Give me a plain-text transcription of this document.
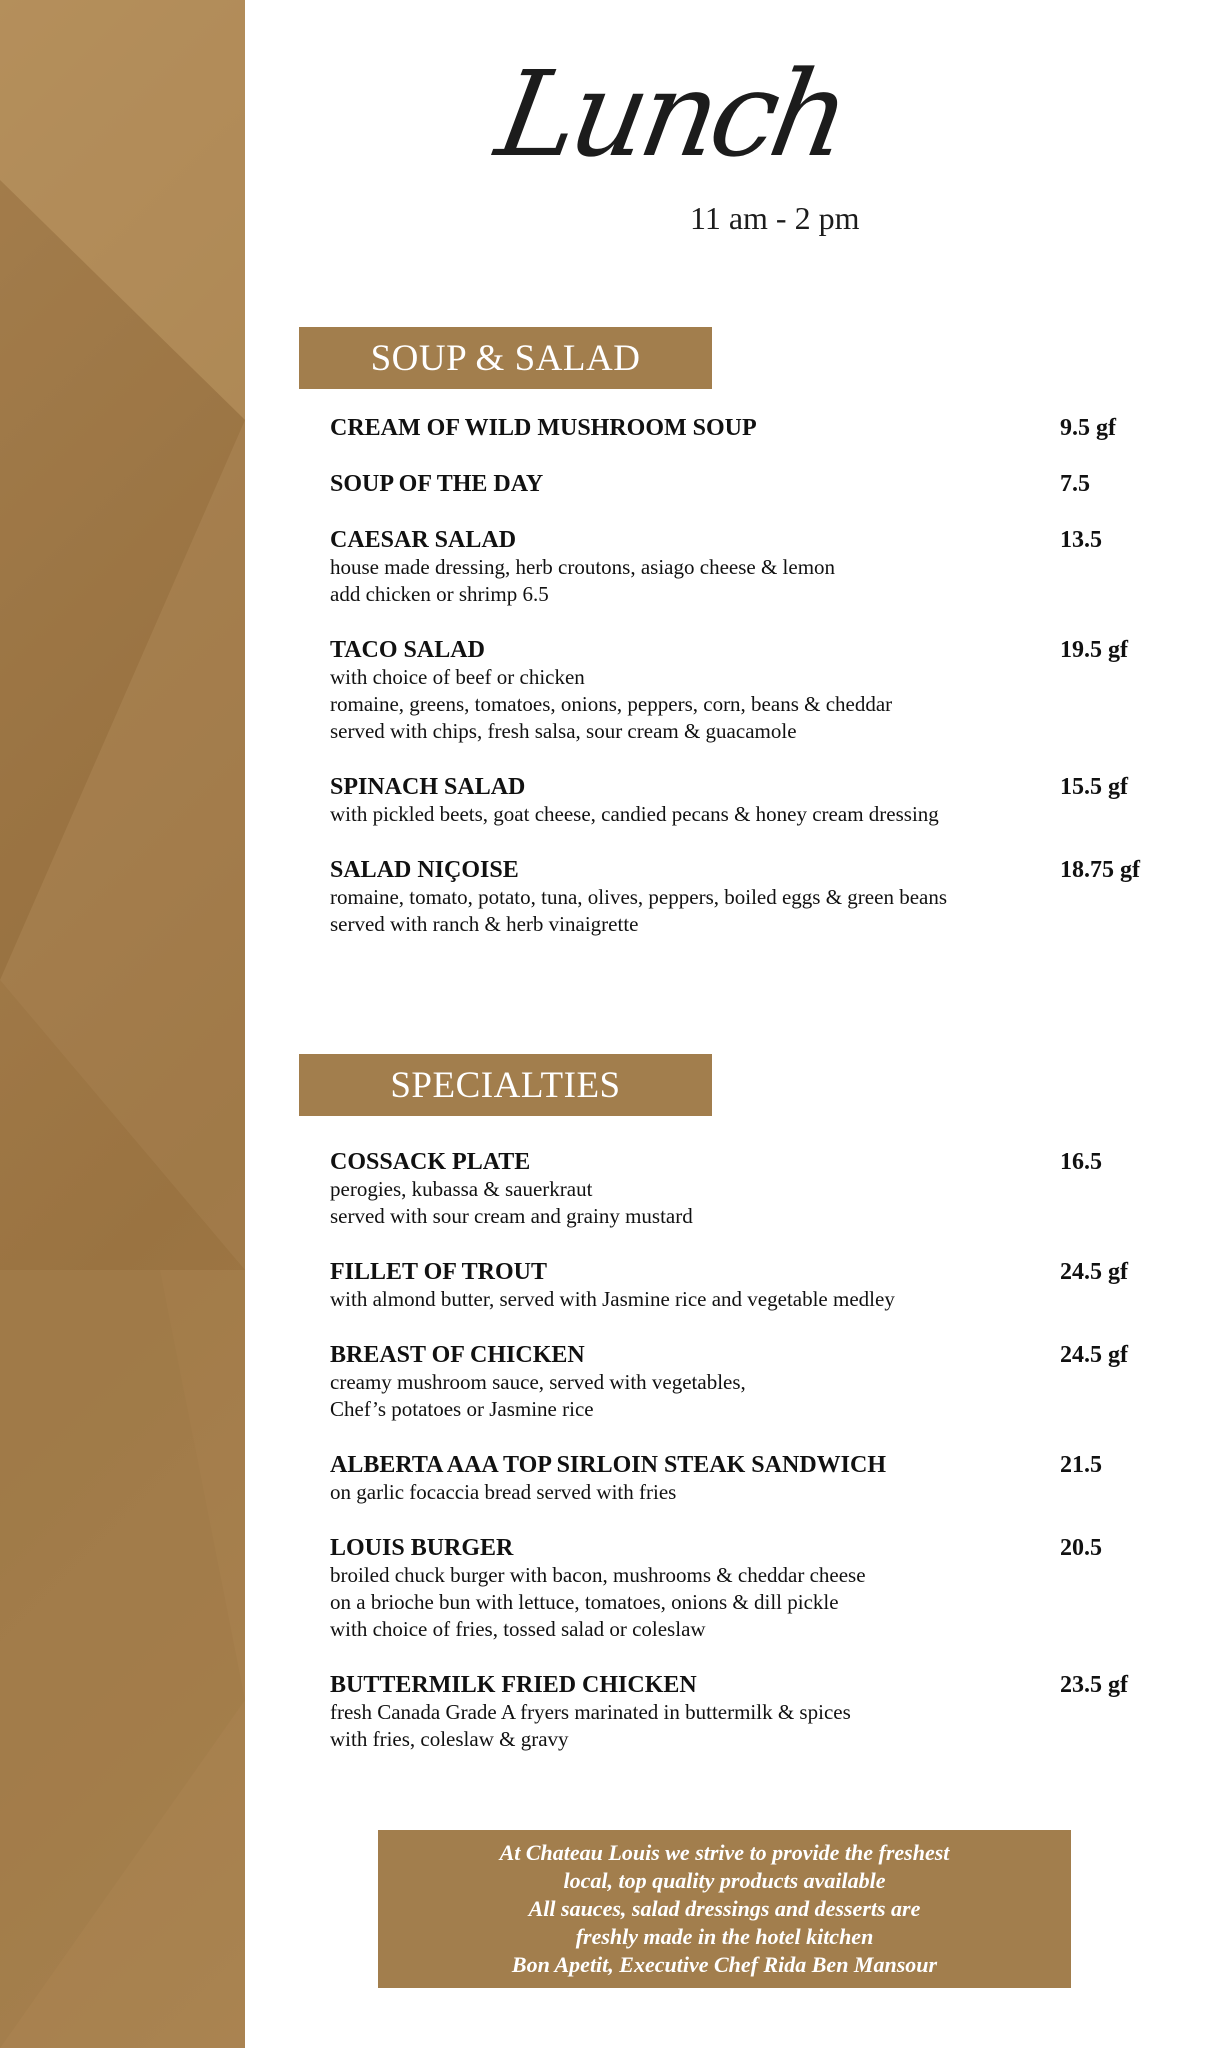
Lunch
11 am - 2 pm
SOUP & SALAD
CREAM OF WILD MUSHROOM SOUP	9.5 gf
SOUP OF THE DAY	7.5
CAESAR SALAD	13.5
house made dressing, herb croutons, asiago cheese & lemon
add chicken or shrimp 6.5
TACO SALAD	19.5 gf
with choice of beef or chicken
romaine, greens, tomatoes, onions, peppers, corn, beans & cheddar
served with chips, fresh salsa, sour cream & guacamole
SPINACH SALAD	15.5 gf
with pickled beets, goat cheese, candied pecans & honey cream dressing
SALAD NIÇOISE	18.75 gf
romaine, tomato, potato, tuna, olives, peppers, boiled eggs & green beans
served with ranch & herb vinaigrette
SPECIALTIES
COSSACK PLATE	16.5
perogies, kubassa & sauerkraut
served with sour cream and grainy mustard
FILLET OF TROUT	24.5 gf
with almond butter, served with Jasmine rice and vegetable medley
BREAST OF CHICKEN	24.5 gf
creamy mushroom sauce, served with vegetables,
Chef’s potatoes or Jasmine rice
ALBERTA AAA TOP SIRLOIN STEAK SANDWICH	21.5
on garlic focaccia bread served with fries
LOUIS BURGER	20.5
broiled chuck burger with bacon, mushrooms & cheddar cheese
on a brioche bun with lettuce, tomatoes, onions & dill pickle
with choice of fries, tossed salad or coleslaw
BUTTERMILK FRIED CHICKEN	23.5 gf
fresh Canada Grade A fryers marinated in buttermilk & spices
with fries, coleslaw & gravy
At Chateau Louis we strive to provide the freshest
local, top quality products available
All sauces, salad dressings and desserts are
freshly made in the hotel kitchen
Bon Apetit, Executive Chef Rida Ben Mansour
